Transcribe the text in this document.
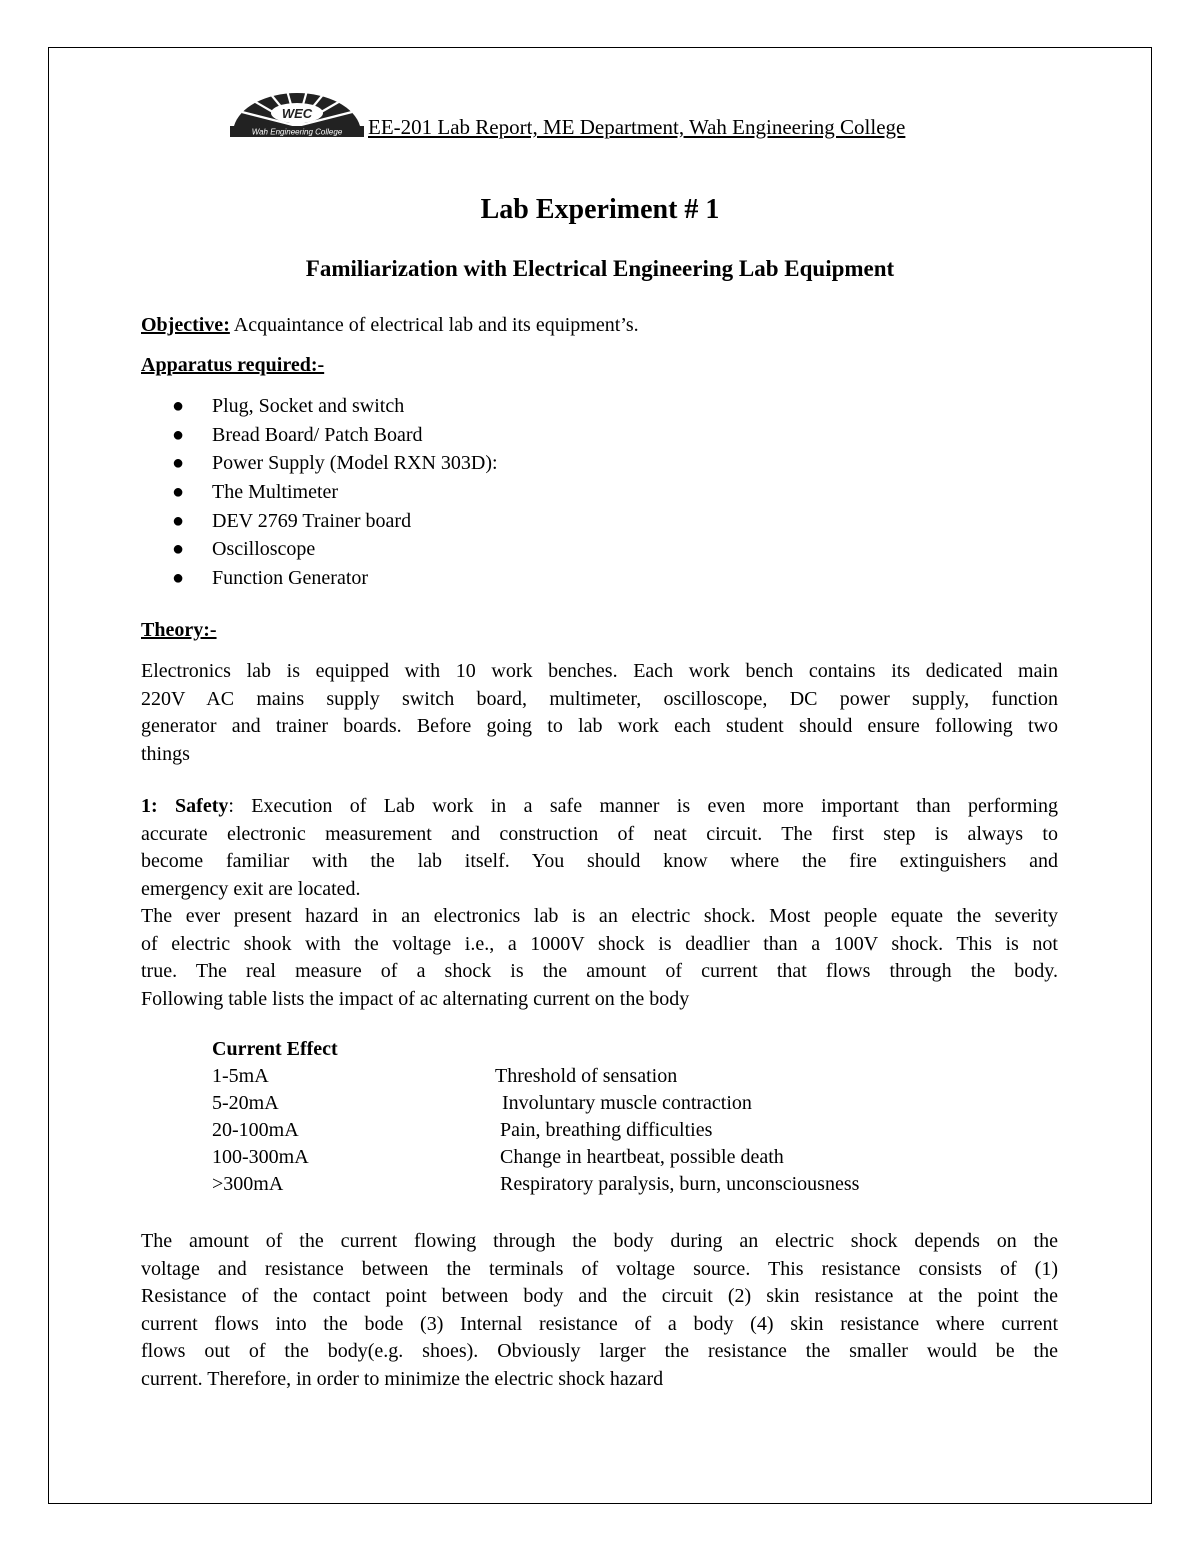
WEC
Wah Engineering College EE-201 Lab Report, ME Department, Wah Engineering College
Lab Experiment # 1
Familiarization with Electrical Engineering Lab Equipment
Objective: Acquaintance of electrical lab and its equipment’s.
Apparatus required:-
● Plug, Socket and switch
● Bread Board/ Patch Board
● Power Supply (Model RXN 303D):
● The Multimeter
● DEV 2769 Trainer board
● Oscilloscope
● Function Generator
Theory:-

Electronics lab is equipped with 10 work benches. Each work bench contains its dedicated main

220V AC mains supply switch board, multimeter, oscilloscope, DC power supply, function

generator and trainer boards. Before going to lab work each student should ensure following two

things

1: Safety: Execution of Lab work in a safe manner is even more important than performing

accurate electronic measurement and construction of neat circuit. The first step is always to

become familiar with the lab itself. You should know where the fire extinguishers and

emergency exit are located.

The ever present hazard in an electronics lab is an electric shock. Most people equate the severity

of electric shook with the voltage i.e., a 1000V shock is deadlier than a 100V shock. This is not

true. The real measure of a shock is the amount of current that flows through the body.

Following table lists the impact of ac alternating current on the body

Current Effect
1-5mA	Threshold of sensation
5-20mA	Involuntary muscle contraction
20-100mA	Pain, breathing difficulties
100-300mA	Change in heartbeat, possible death
>300mA	Respiratory paralysis, burn, unconsciousness

The amount of the current flowing through the body during an electric shock depends on the

voltage and resistance between the terminals of voltage source. This resistance consists of (1)

Resistance of the contact point between body and the circuit (2) skin resistance at the point the

current flows into the bode (3) Internal resistance of a body (4) skin resistance where current

flows out of the body(e.g. shoes). Obviously larger the resistance the smaller would be the

current. Therefore, in order to minimize the electric shock hazard
